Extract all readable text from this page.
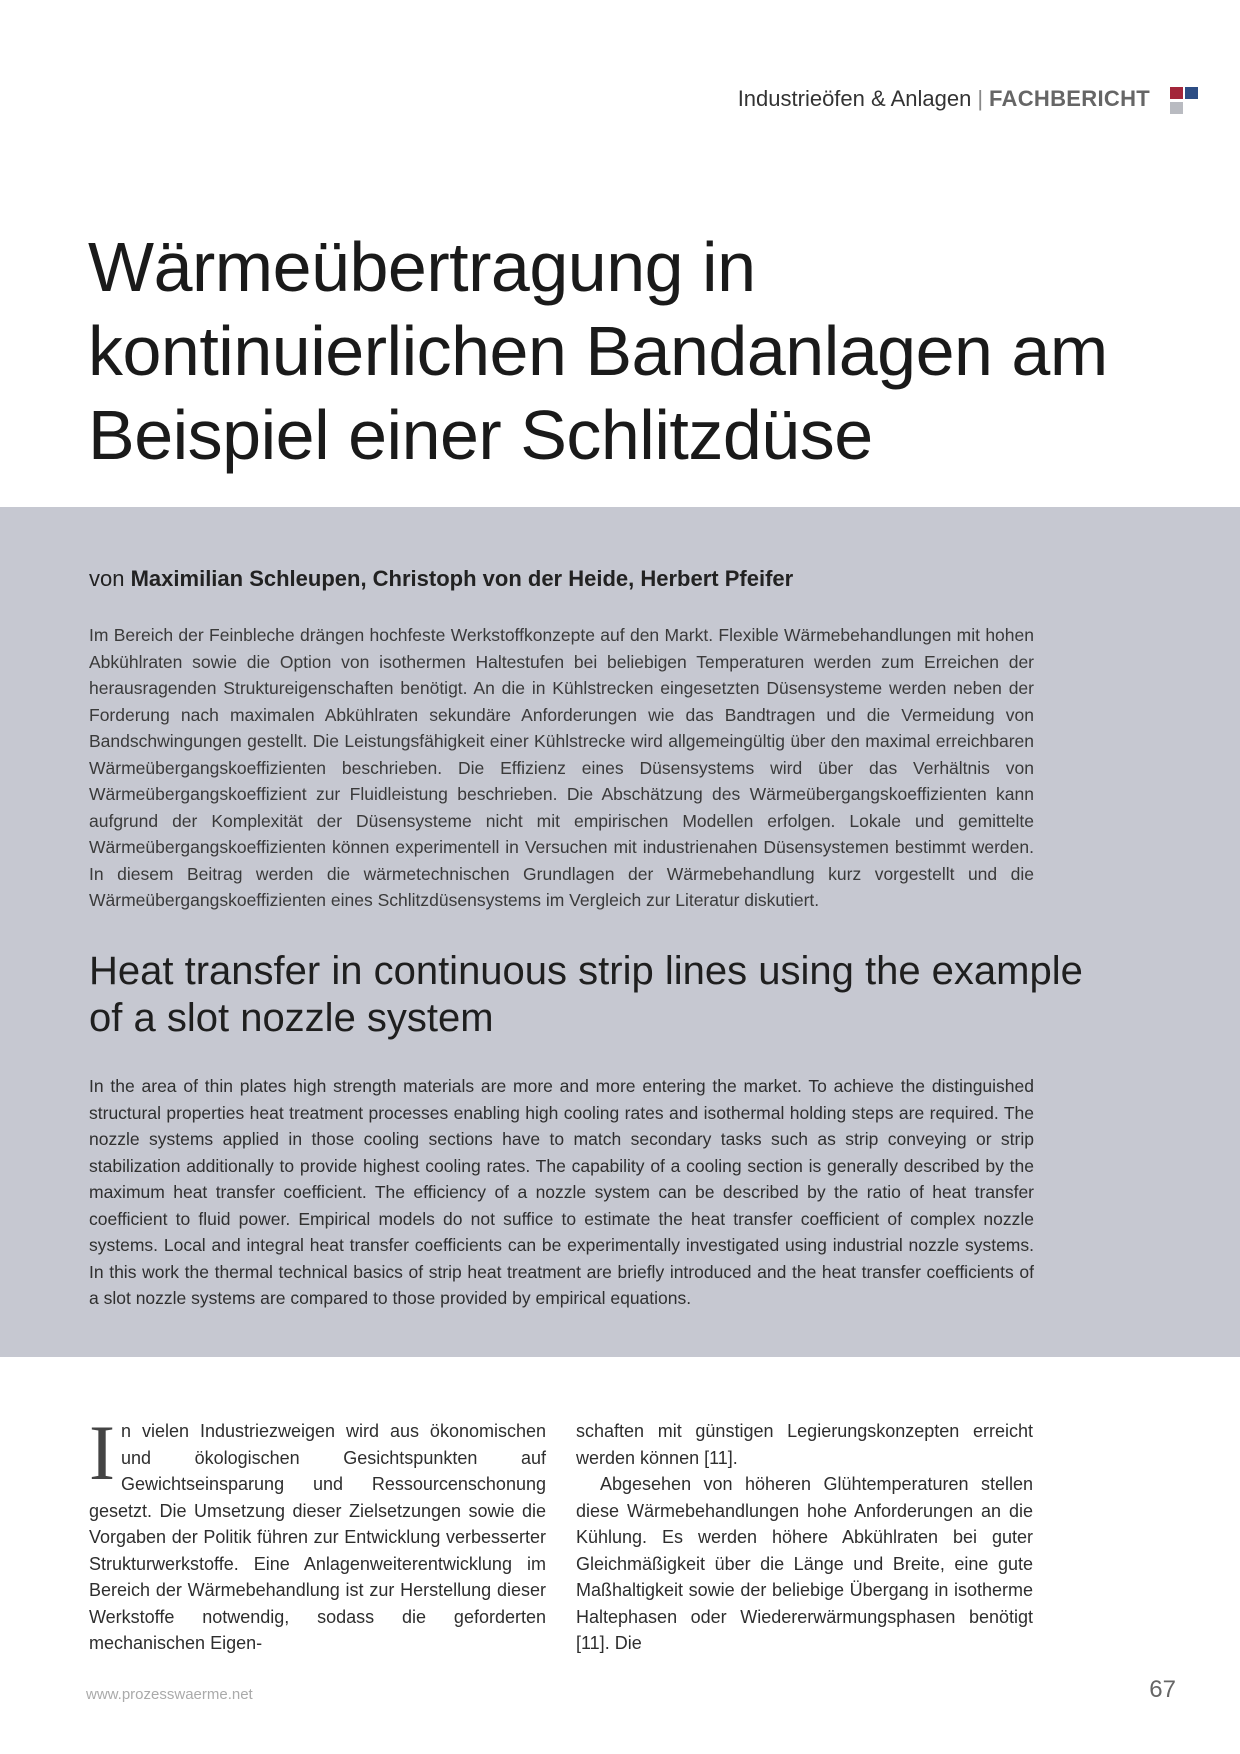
Industrieöfen & Anlagen | FACHBERICHT
Wärmeübertragung in kontinuierlichen Bandanlagen am Beispiel einer Schlitzdüse
von Maximilian Schleupen, Christoph von der Heide, Herbert Pfeifer

Im Bereich der Feinbleche drängen hochfeste Werkstoffkonzepte auf den Markt. Flexible Wärmebehandlungen mit hohen Abkühlraten sowie die Option von isothermen Haltestufen bei beliebigen Temperaturen werden zum Erreichen der herausragenden Struktureigenschaften benötigt. An die in Kühlstrecken eingesetzten Düsensysteme werden neben der Forderung nach maximalen Abkühlraten sekundäre Anforderungen wie das Bandtragen und die Vermeidung von Bandschwingungen gestellt. Die Leistungsfähigkeit einer Kühlstrecke wird allgemeingültig über den maximal erreichbaren Wärmeübergangskoeffizienten beschrieben. Die Effizienz eines Düsensystems wird über das Verhältnis von Wärmeübergangskoeffizient zur Fluidleistung beschrieben. Die Abschätzung des Wärmeübergangskoeffizienten kann aufgrund der Komplexität der Düsensysteme nicht mit empirischen Modellen erfolgen. Lokale und gemittelte Wärmeübergangskoeffizienten können experimentell in Versuchen mit industrienahen Düsensystemen bestimmt werden. In diesem Beitrag werden die wärmetechnischen Grundlagen der Wärmebehandlung kurz vorgestellt und die Wärmeübergangskoeffizienten eines Schlitzdüsensystems im Vergleich zur Literatur diskutiert.

Heat transfer in continuous strip lines using the example of a slot nozzle system

In the area of thin plates high strength materials are more and more entering the market. To achieve the distinguished structural properties heat treatment processes enabling high cooling rates and isothermal holding steps are required. The nozzle systems applied in those cooling sections have to match secondary tasks such as strip conveying or strip stabilization additionally to provide highest cooling rates. The capability of a cooling section is generally described by the maximum heat transfer coefficient. The efficiency of a nozzle system can be described by the ratio of heat transfer coefficient to fluid power. Empirical models do not suffice to estimate the heat transfer coefficient of complex nozzle systems. Local and integral heat transfer coefficients can be experimentally investigated using industrial nozzle systems. In this work the thermal technical basics of strip heat treatment are briefly introduced and the heat transfer coefficients of a slot nozzle systems are compared to those provided by empirical equations.

In vielen Industriezweigen wird aus ökonomischen und ökologischen Gesichtspunkten auf Gewichtseinsparung und Ressourcenschonung gesetzt. Die Umsetzung dieser Zielsetzungen sowie die Vorgaben der Politik führen zur Entwicklung verbesserter Strukturwerkstoffe. Eine Anlagenweiterentwicklung im Bereich der Wärmebehandlung ist zur Herstellung dieser Werkstoffe notwendig, sodass die geforderten mechanischen Eigen-

schaften mit günstigen Legierungskonzepten erreicht werden können [11].

Abgesehen von höheren Glühtemperaturen stellen diese Wärmebehandlungen hohe Anforderungen an die Kühlung. Es werden höhere Abkühlraten bei guter Gleichmäßigkeit über die Länge und Breite, eine gute Maßhaltigkeit sowie der beliebige Übergang in isotherme Haltephasen oder Wiedererwärmungsphasen benötigt [11]. Die

www.prozesswaerme.net	67
